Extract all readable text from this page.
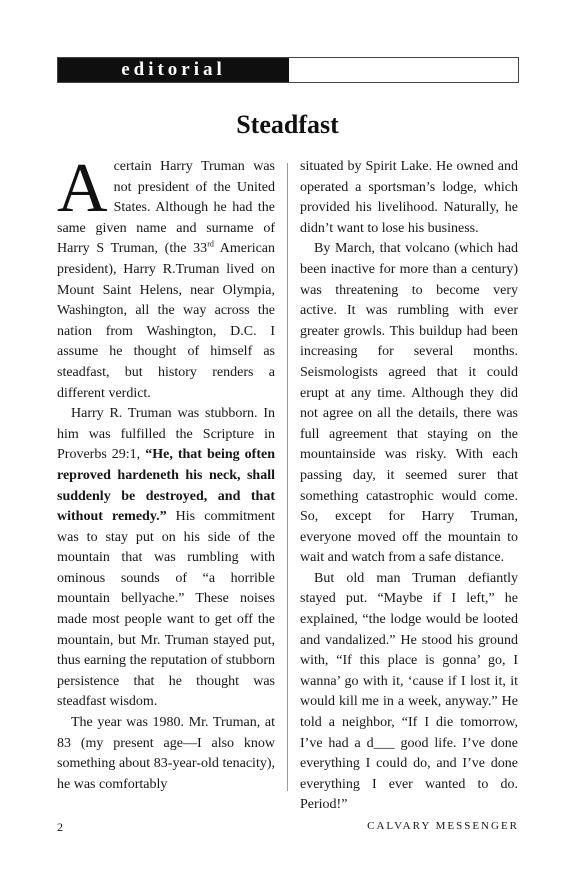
editorial
Steadfast

A certain Harry Truman was not president of the United States. Although he had the same given name and surname of Harry S Truman, (the 33rd American president), Harry R.Truman lived on Mount Saint Helens, near Olympia, Washington, all the way across the nation from Washington, D.C. I assume he thought of himself as steadfast, but history renders a different verdict.

Harry R. Truman was stubborn. In him was fulfilled the Scripture in Proverbs 29:1, “He, that being often reproved hardeneth his neck, shall suddenly be destroyed, and that without remedy.” His commitment was to stay put on his side of the mountain that was rumbling with ominous sounds of “a horrible mountain bellyache.” These noises made most people want to get off the mountain, but Mr. Truman stayed put, thus earning the reputation of stubborn persistence that he thought was steadfast wisdom.

The year was 1980. Mr. Truman, at 83 (my present age—I also know something about 83-year-old tenacity), he was comfortably

situated by Spirit Lake. He owned and operated a sportsman’s lodge, which provided his livelihood. Naturally, he didn’t want to lose his business.

By March, that volcano (which had been inactive for more than a century) was threatening to become very active. It was rumbling with ever greater growls. This buildup had been increasing for several months. Seismologists agreed that it could erupt at any time. Although they did not agree on all the details, there was full agreement that staying on the mountainside was risky. With each passing day, it seemed surer that something catastrophic would come. So, except for Harry Truman, everyone moved off the mountain to wait and watch from a safe distance.

But old man Truman defiantly stayed put. “Maybe if I left,” he explained, “the lodge would be looted and vandalized.” He stood his ground with, “If this place is gonna’ go, I wanna’ go with it, ‘cause if I lost it, it would kill me in a week, anyway.” He told a neighbor, “If I die tomorrow, I’ve had a d___ good life. I’ve done everything I could do, and I’ve done everything I ever wanted to do. Period!”

2	CALVARY MESSENGER
